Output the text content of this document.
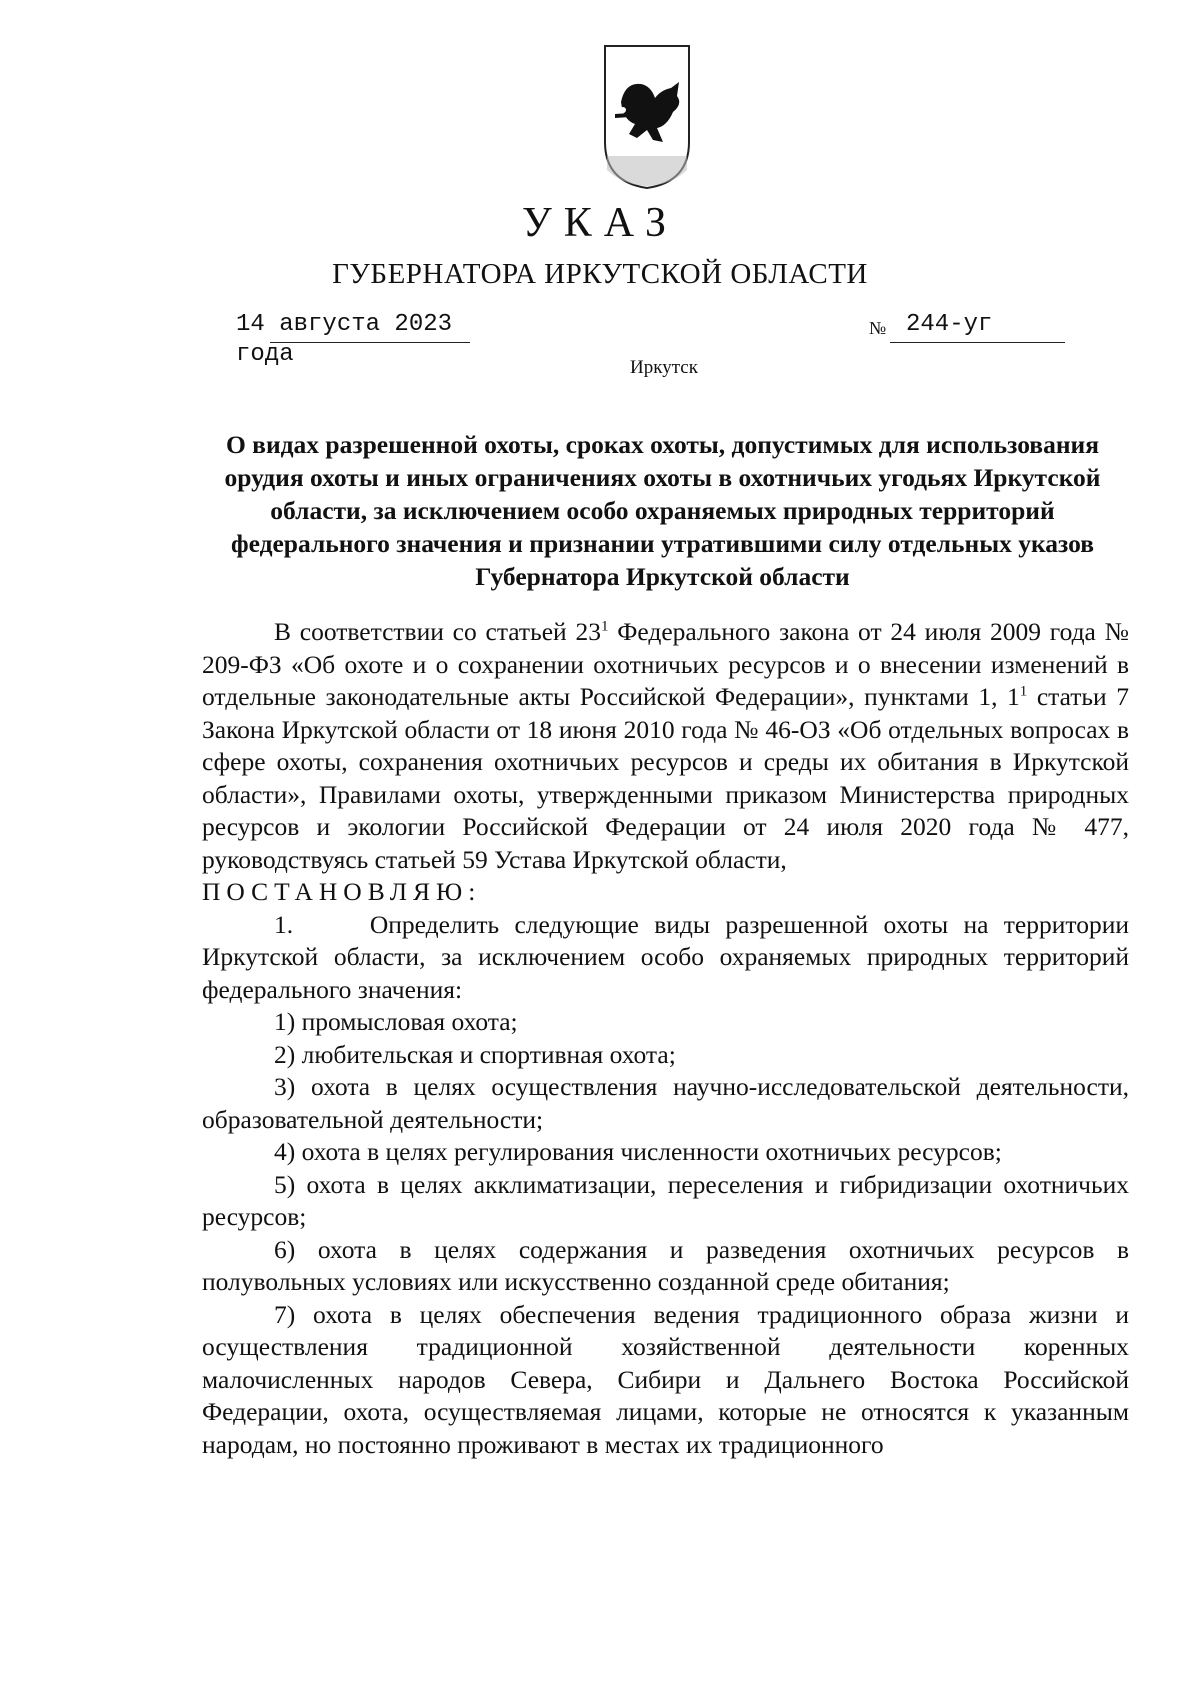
УКАЗ
ГУБЕРНАТОРА ИРКУТСКОЙ ОБЛАСТИ
14 августа 2023 года
№ 244-уг
Иркутск
О видах разрешенной охоты, сроках охоты, допустимых для использования орудия охоты и иных ограничениях охоты в охотничьих угодьях Иркутской области, за исключением особо охраняемых природных территорий федерального значения и признании утратившими силу отдельных указов Губернатора Иркутской области

В соответствии со статьей $23^1$ Федерального закона от 24 июля 2009 года № 209-ФЗ «Об охоте и о сохранении охотничьих ресурсов и о внесении изменений в отдельные законодательные акты Российской Федерации», пунктами 1, $1^1$ статьи 7 Закона Иркутской области от 18 июня 2010 года № 46-ОЗ «Об отдельных вопросах в сфере охоты, сохранения охотничьих ресурсов и среды их обитания в Иркутской области», Правилами охоты, утвержденными приказом Министерства природных ресурсов и экологии Российской Федерации от 24 июля 2020 года № 477, руководствуясь статьей 59 Устава Иркутской области,

ПОСТАНОВЛЯЮ:

1.     Определить следующие виды разрешенной охоты на территории Иркутской области, за исключением особо охраняемых природных территорий федерального значения:

1) промысловая охота;

2) любительская и спортивная охота;

3) охота в целях осуществления научно-исследовательской деятельности, образовательной деятельности;

4) охота в целях регулирования численности охотничьих ресурсов;

5) охота в целях акклиматизации, переселения и гибридизации охотничьих ресурсов;

6) охота в целях содержания и разведения охотничьих ресурсов в полувольных условиях или искусственно созданной среде обитания;

7) охота в целях обеспечения ведения традиционного образа жизни и осуществления традиционной хозяйственной деятельности коренных малочисленных народов Севера, Сибири и Дальнего Востока Российской Федерации, охота, осуществляемая лицами, которые не относятся к указанным народам, но постоянно проживают в местах их традиционного
